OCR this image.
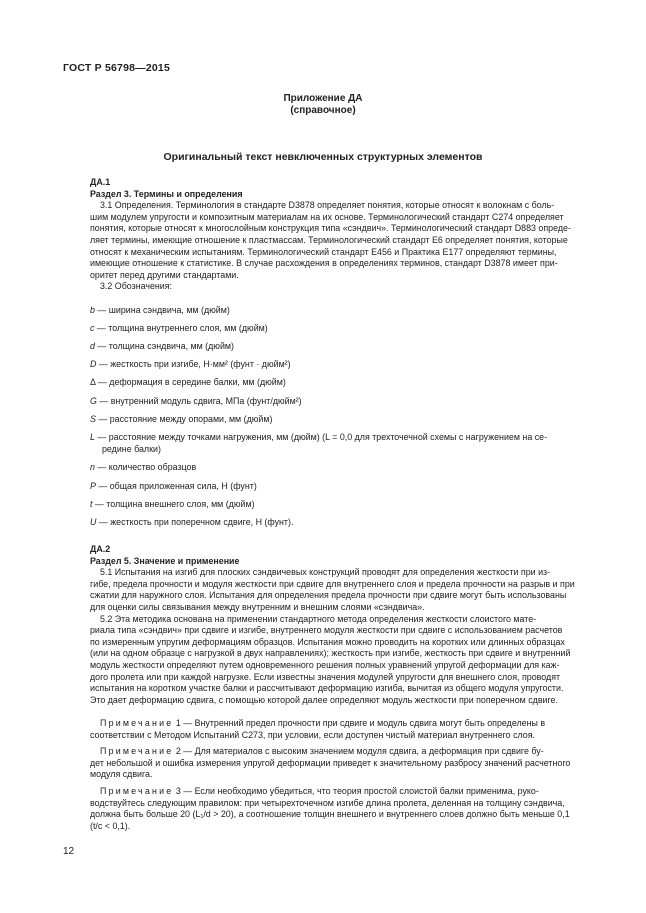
ГОСТ Р 56798—2015
Приложение ДА
(справочное)
Оригинальный текст невключенных структурных элементов
ДА.1
Раздел 3. Термины и определения
3.1 Определения. Терминология в стандарте D3878 определяет понятия, которые относят к волокнам с боль-
шим модулем упругости и композитным материалам на их основе. Терминологический стандарт С274 определяет
понятия, которые относят к многослойным конструкция типа «сэндвич». Терминологический стандарт D883 опреде-
ляет термины, имеющие отношение к пластмассам. Терминологический стандарт Е6 определяет понятия, которые
относят к механическим испытаниям. Терминологический стандарт Е456 и Практика Е177 определяют термины,
имеющие отношение к статистике. В случае расхождения в определениях терминов, стандарт D3878 имеет при-
оритет перед другими стандартами.
3.2 Обозначения:
b — ширина сэндвича, мм (дюйм)
c — толщина внутреннего слоя, мм (дюйм)
d — толщина сэндвича, мм (дюйм)
D — жесткость при изгибе, Н·мм² (фунт · дюйм²)
Δ — деформация в середине балки, мм (дюйм)
G — внутренний модуль сдвига, МПа (фунт/дюйм²)
S — расстояние между опорами, мм (дюйм)
L — расстояние между точками нагружения, мм (дюйм) (L = 0,0 для трехточечной схемы с нагружением на се-
редине балки)
n — количество образцов
P — общая приложенная сила, Н (фунт)
t — толщина внешнего слоя, мм (дюйм)
U — жесткость при поперечном сдвиге, Н (фунт).
ДА.2
Раздел 5. Значение и применение
5.1 Испытания на изгиб для плоских сэндвичевых конструкций проводят для определения жесткости при из-
гибе, предела прочности и модуля жесткости при сдвиге для внутреннего слоя и предела прочности на разрыв и при
сжатии для наружного слоя. Испытания для определения предела прочности при сдвиге могут быть использованы
для оценки силы связывания между внутренним и внешним слоями «сэндвича».
5.2 Эта методика основана на применении стандартного метода определения жесткости слоистого мате-
риала типа «сэндвич» при сдвиге и изгибе, внутреннего модуля жесткости при сдвиге с использованием расчетов
по измеренным упругим деформациям образцов. Испытания можно проводить на коротких или длинных образцах
(или на одном образце с нагрузкой в двух направлениях); жесткость при изгибе, жесткость при сдвиге и внутренний
модуль жесткости определяют путем одновременного решения полных уравнений упругой деформации для каж-
дого пролета или при каждой нагрузке. Если известны значения модулей упругости для внешнего слоя, проводят
испытания на коротком участке балки и рассчитывают деформацию изгиба, вычитая из общего модуля упругости.
Это дает деформацию сдвига, с помощью которой далее определяют модуль жесткости при поперечном сдвиге.
Примечание 1 — Внутренний предел прочности при сдвиге и модуль сдвига могут быть определены в
соответствии с Методом Испытаний С273, при условии, если доступен чистый материал внутреннего слоя.
Примечание 2 — Для материалов с высоким значением модуля сдвига, а деформация при сдвиге бу-
дет небольшой и ошибка измерения упругой деформации приведет к значительному разбросу значений расчетного
модуля сдвига.
Примечание 3 — Если необходимо убедиться, что теория простой слоистой балки применима, руко-
водствуйтесь следующим правилом: при четырехточечном изгибе длина пролета, деленная на толщину сэндвича,
должна быть больше 20 (L₁/d > 20), а соотношение толщин внешнего и внутреннего слоев должно быть меньше 0,1
(t/c < 0,1).
12
